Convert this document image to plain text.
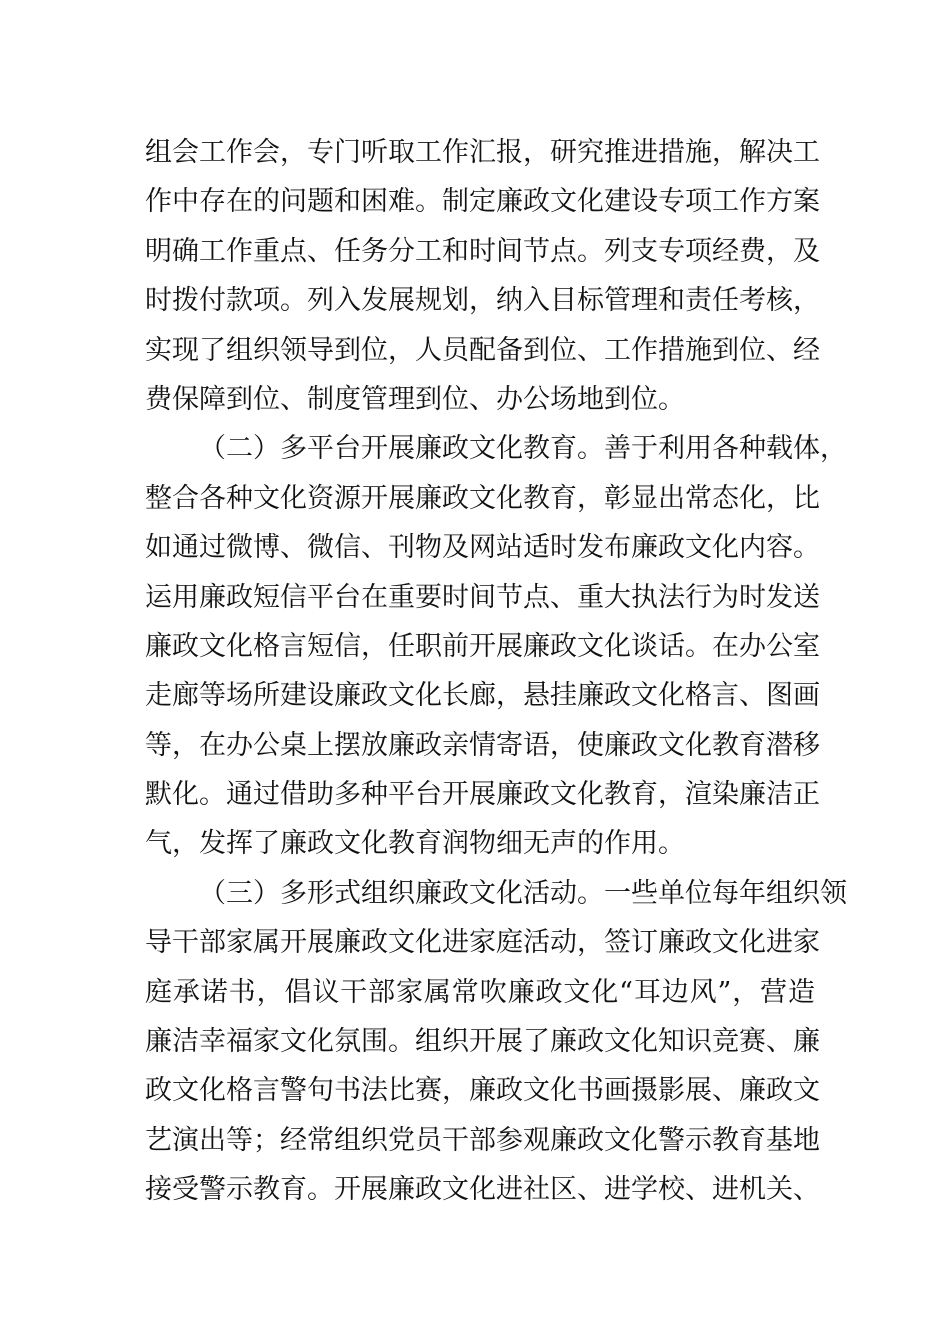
组会工作会，专门听取工作汇报，研究推进措施，解决工
作中存在的问题和困难。制定廉政文化建设专项工作方案
明确工作重点、任务分工和时间节点。列支专项经费，及
时拨付款项。列入发展规划，纳入目标管理和责任考核，
实现了组织领导到位，人员配备到位、工作措施到位、经
费保障到位、制度管理到位、办公场地到位。
（二）多平台开展廉政文化教育。善于利用各种载体，
整合各种文化资源开展廉政文化教育，彰显出常态化，比
如通过微博、微信、刊物及网站适时发布廉政文化内容。
运用廉政短信平台在重要时间节点、重大执法行为时发送
廉政文化格言短信，任职前开展廉政文化谈话。在办公室
走廊等场所建设廉政文化长廊，悬挂廉政文化格言、图画
等，在办公桌上摆放廉政亲情寄语，使廉政文化教育潜移
默化。通过借助多种平台开展廉政文化教育，渲染廉洁正
气，发挥了廉政文化教育润物细无声的作用。
（三）多形式组织廉政文化活动。一些单位每年组织领
导干部家属开展廉政文化进家庭活动，签订廉政文化进家
庭承诺书，倡议干部家属常吹廉政文化“耳边风”，营造
廉洁幸福家文化氛围。组织开展了廉政文化知识竞赛、廉
政文化格言警句书法比赛，廉政文化书画摄影展、廉政文
艺演出等；经常组织党员干部参观廉政文化警示教育基地
接受警示教育。开展廉政文化进社区、进学校、进机关、
